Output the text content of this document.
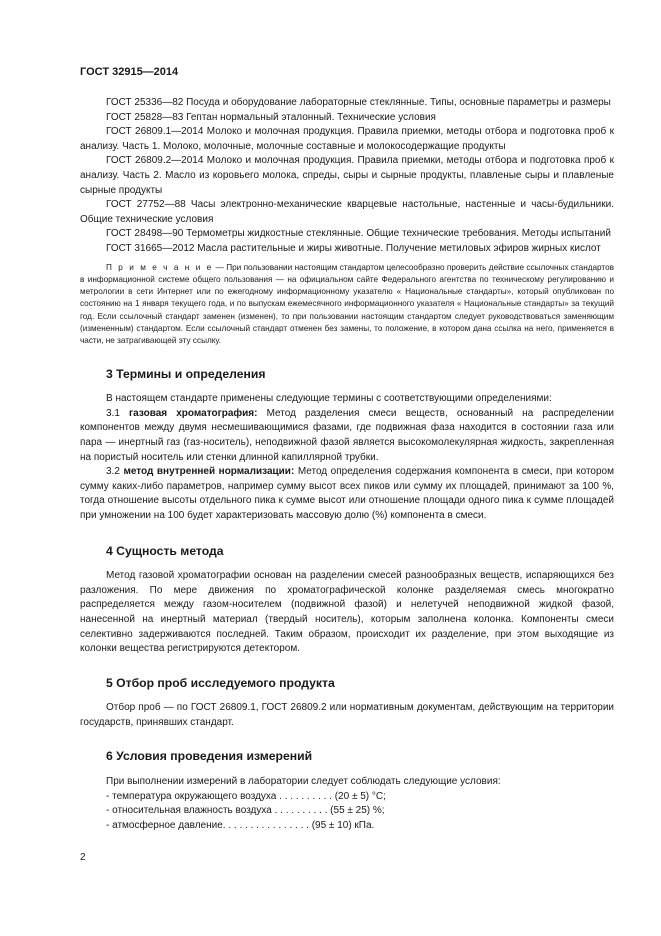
ГОСТ 32915—2014

ГОСТ 25336—82 Посуда и оборудование лабораторные стеклянные. Типы, основные параметры и размеры

ГОСТ 25828—83 Гептан нормальный эталонный. Технические условия

ГОСТ 26809.1—2014 Молоко и молочная продукция. Правила приемки, методы отбора и подготовка проб к анализу. Часть 1. Молоко, молочные, молочные составные и молокосодержащие продукты

ГОСТ 26809.2—2014 Молоко и молочная продукция. Правила приемки, методы отбора и подготовка проб к анализу. Часть 2. Масло из коровьего молока, спреды, сыры и сырные продукты, плавленые сыры и плавленые сырные продукты

ГОСТ 27752—88 Часы электронно-механические кварцевые настольные, настенные и часы-будильники. Общие технические условия

ГОСТ 28498—90 Термометры жидкостные стеклянные. Общие технические требования. Методы испытаний

ГОСТ 31665—2012 Масла растительные и жиры животные. Получение метиловых эфиров жирных кислот

П р и м е ч а н и е — При пользовании настоящим стандартом целесообразно проверить действие ссылочных стандартов в информационной системе общего пользования — на официальном сайте Федерального агентства по техническому регулированию и метрологии в сети Интернет или по ежегодному информационному указателю « Национальные стандарты», который опубликован по состоянию на 1 января текущего года, и по выпускам ежемесячного информационного указателя « Национальные стандарты» за текущий год. Если ссылочный стандарт заменен (изменен), то при пользовании настоящим стандартом следует руководствоваться заменяющим (измененным) стандартом. Если ссылочный стандарт отменен без замены, то положение, в котором дана ссылка на него, применяется в части, не затрагивающей эту ссылку.

3 Термины и определения

В настоящем стандарте применены следующие термины с соответствующими определениями:

3.1 газовая хроматография: Метод разделения смеси веществ, основанный на распределении компонентов между двумя несмешивающимися фазами, где подвижная фаза находится в состоянии газа или пара — инертный газ (газ-носитель), неподвижной фазой является высокомолекулярная жидкость, закрепленная на пористый носитель или стенки длинной капиллярной трубки.

3.2 метод внутренней нормализации: Метод определения содержания компонента в смеси, при котором сумму каких-либо параметров, например сумму высот всех пиков или сумму их площадей, принимают за 100 %, тогда отношение высоты отдельного пика к сумме высот или отношение площади одного пика к сумме площадей при умножении на 100 будет характеризовать массовую долю (%) компонента в смеси.

4 Сущность метода

Метод газовой хроматографии основан на разделении смесей разнообразных веществ, испаряющихся без разложения. По мере движения по хроматографической колонке разделяемая смесь многократно распределяется между газом-носителем (подвижной фазой) и нелетучей неподвижной жидкой фазой, нанесенной на инертный материал (твердый носитель), которым заполнена колонка. Компоненты смеси селективно задерживаются последней. Таким образом, происходит их разделение, при этом выходящие из колонки вещества регистрируются детектором.

5 Отбор проб исследуемого продукта

Отбор проб — по ГОСТ 26809.1, ГОСТ 26809.2 или нормативным документам, действующим на территории государств, принявших стандарт.

6 Условия проведения измерений

При выполнении измерений в лаборатории следует соблюдать следующие условия:

- температура окружающего воздуха . . . . . . . . . . (20 ± 5) °С;
- относительная влажность воздуха . . . . . . . . . . (55 ± 25) %;
- атмосферное давление. . . . . . . . . . . . . . . . (95 ± 10) кПа.
2
